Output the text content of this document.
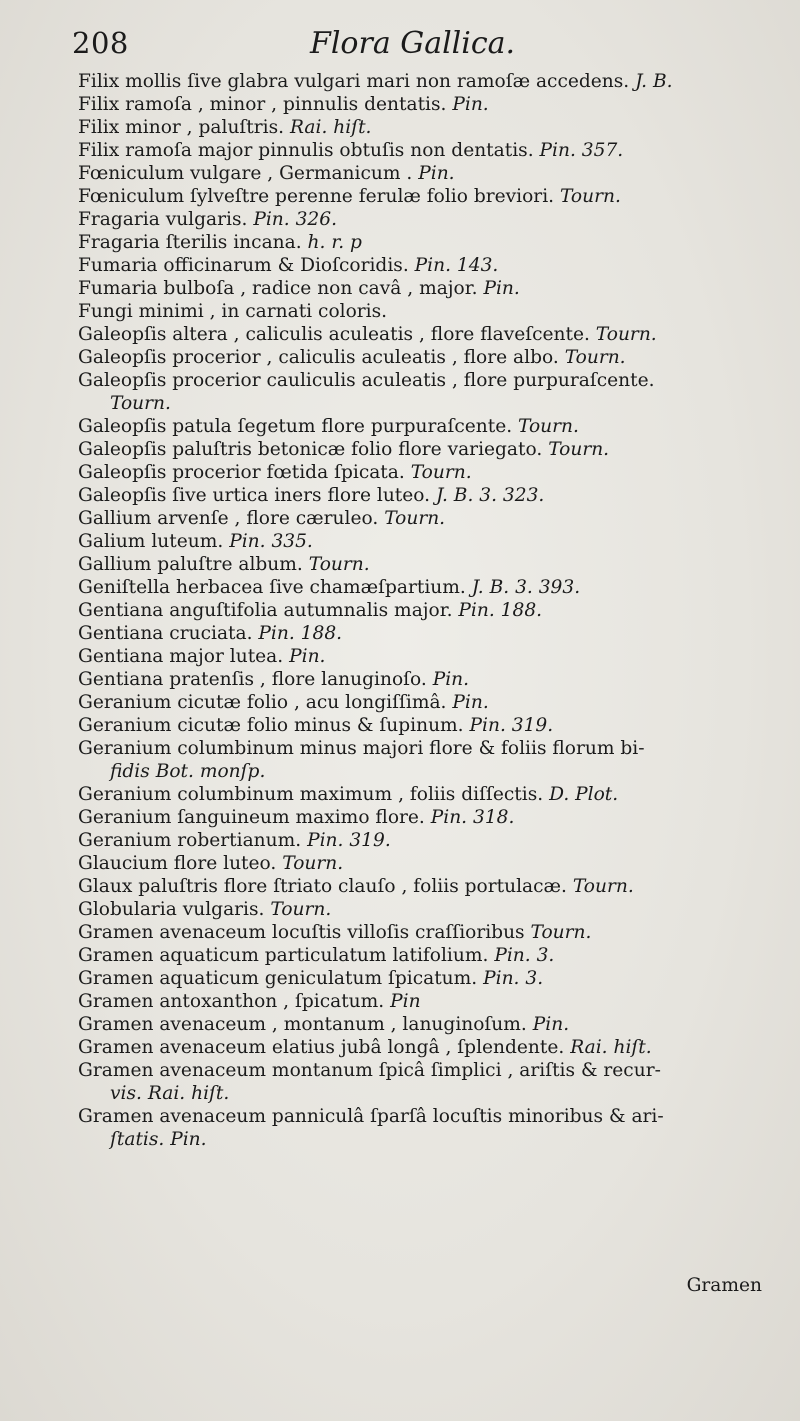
208	Flora Gallica.
Filix mollis ſive glabra vulgari mari non ramoſæ accedens. J. B.
Filix ramoſa , minor , pinnulis dentatis. Pin.
Filix minor , paluſtris. Rai. hiſt.
Filix ramoſa major pinnulis obtuſis non dentatis. Pin. 357.
Fœniculum vulgare , Germanicum . Pin.
Fœniculum ſylveſtre perenne ferulæ folio breviori. Tourn.
Fragaria vulgaris. Pin. 326.
Fragaria ſterilis incana. h. r. p
Fumaria officinarum & Dioſcoridis. Pin. 143.
Fumaria bulboſa , radice non cavâ , major. Pin.
Fungi minimi , in carnati coloris.
Galeopſis altera , caliculis aculeatis , flore flaveſcente. Tourn.
Galeopſis procerior , caliculis aculeatis , flore albo. Tourn.
Galeopſis procerior cauliculis aculeatis , flore purpuraſcente.
Tourn.
Galeopſis patula ſegetum flore purpuraſcente. Tourn.
Galeopſis paluſtris betonicæ folio flore variegato. Tourn.
Galeopſis procerior fœtida ſpicata. Tourn.
Galeopſis ſive urtica iners flore luteo. J. B. 3. 323.
Gallium arvenſe , flore cæruleo. Tourn.
Galium luteum. Pin. 335.
Gallium paluſtre album. Tourn.
Geniſtella herbacea ſive chamæſpartium. J. B. 3. 393.
Gentiana anguſtifolia autumnalis major. Pin. 188.
Gentiana cruciata. Pin. 188.
Gentiana major lutea. Pin.
Gentiana pratenſis , flore lanuginoſo. Pin.
Geranium cicutæ folio , acu longiſſimâ. Pin.
Geranium cicutæ folio minus & ſupinum. Pin. 319.
Geranium columbinum minus majori flore & foliis florum bi-
fidis Bot. monſp.
Geranium columbinum maximum , foliis diſſectis. D. Plot.
Geranium ſanguineum maximo flore. Pin. 318.
Geranium robertianum. Pin. 319.
Glaucium flore luteo. Tourn.
Glaux paluſtris flore ſtriato clauſo , foliis portulacæ. Tourn.
Globularia vulgaris. Tourn.
Gramen avenaceum locuſtis villoſis craſſioribus Tourn.
Gramen aquaticum particulatum latifolium. Pin. 3.
Gramen aquaticum geniculatum ſpicatum. Pin. 3.
Gramen antoxanthon , ſpicatum. Pin
Gramen avenaceum , montanum , lanuginoſum. Pin.
Gramen avenaceum elatius jubâ longâ , ſplendente. Rai. hiſt.
Gramen avenaceum montanum ſpicâ ſimplici , ariſtis & recur-
vis. Rai. hiſt.
Gramen avenaceum panniculâ ſparſâ locuſtis minoribus & ari-
ſtatis. Pin.
Gramen
